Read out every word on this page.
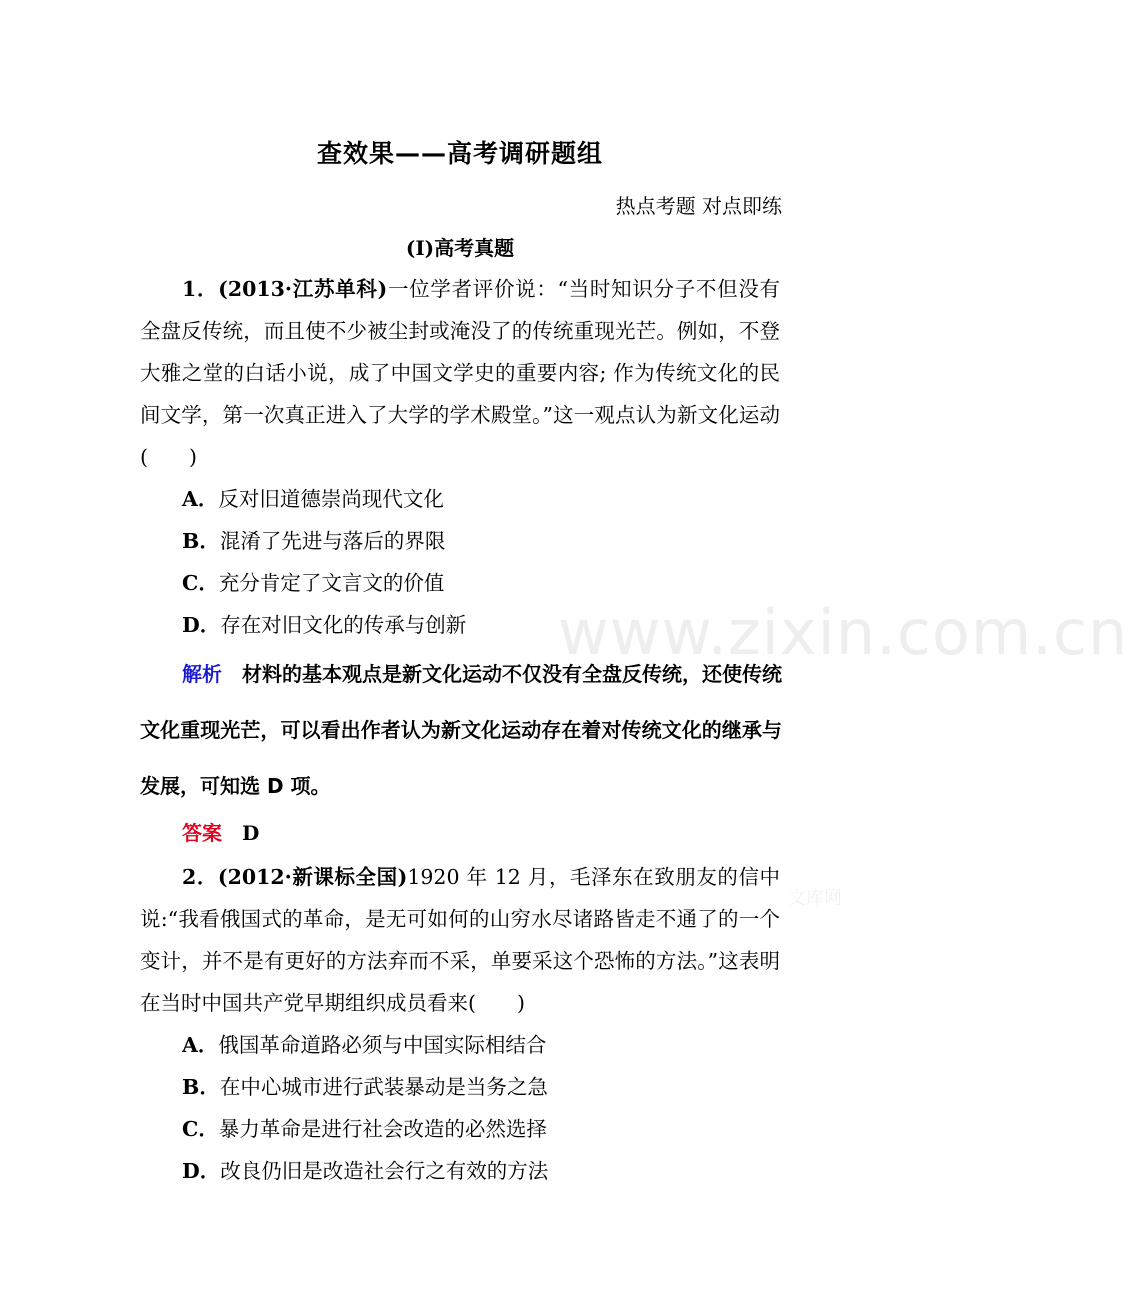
查效果——高考调研题组
热点考题 对点即练
(Ⅰ)高考真题
1．(2013·江苏单科)一位学者评价说：“当时知识分子不但没有全盘反传统，而且使不少被尘封或淹没了的传统重现光芒。例如，不登大雅之堂的白话小说，成了中国文学史的重要内容; 作为传统文化的民间文学，第一次真正进入了大学的学术殿堂。”这一观点认为新文化运动(　　)
A．反对旧道德崇尚现代文化
B．混淆了先进与落后的界限
C．充分肯定了文言文的价值
D．存在对旧文化的传承与创新
解析　 材料的基本观点是新文化运动不仅没有全盘反传统，还使传统文化重现光芒，可以看出作者认为新文化运动存在着对传统文化的继承与发展，可知选 D 项。
答案　 D
2．(2012·新课标全国)1920 年 12 月，毛泽东在致朋友的信中说:“我看俄国式的革命，是无可如何的山穷水尽诸路皆走不通了的一个变计，并不是有更好的方法弃而不采，单要采这个恐怖的方法。”这表明在当时中国共产党早期组织成员看来(　　)
A．俄国革命道路必须与中国实际相结合
B．在中心城市进行武装暴动是当务之急
C．暴力革命是进行社会改造的必然选择
D．改良仍旧是改造社会行之有效的方法
www.zixin.com.cn
文库网
